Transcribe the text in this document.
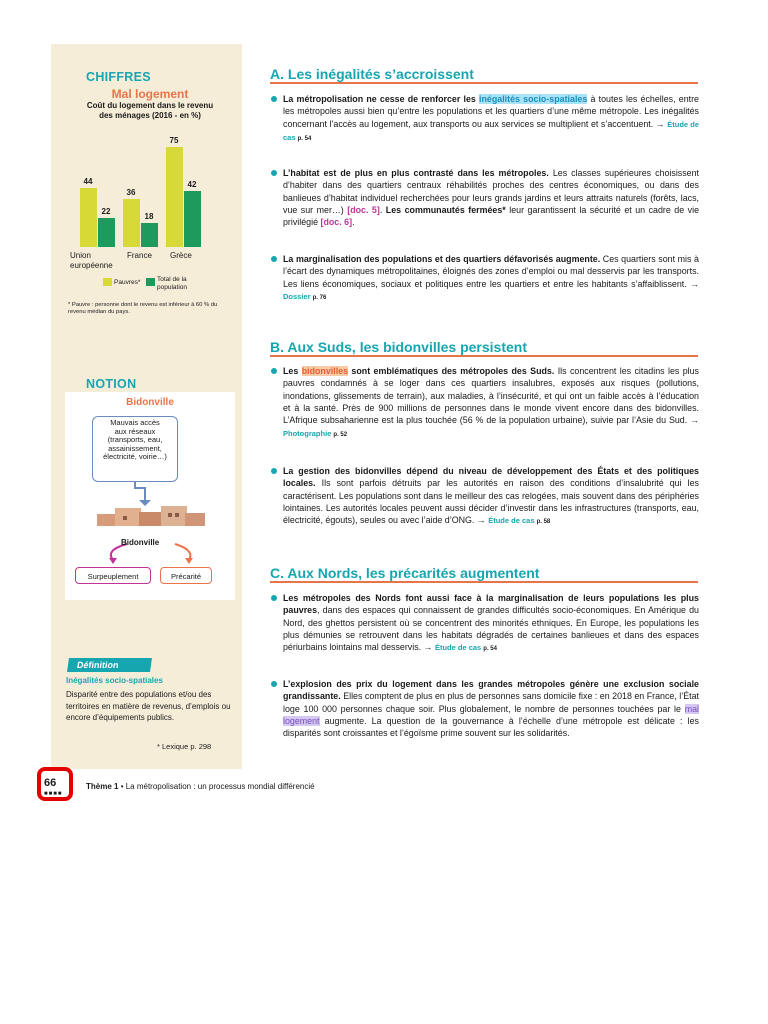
CHIFFRES
Mal logement
Coût du logement dans le revenu
des ménages (2016 - en %)
44
22
Union
européenne
36
18
France
75
42
Grèce
Pauvres*	Total de la
population
* Pauvre : personne dont le revenu est inférieur à 60 % du revenu médian du pays.
NOTION
Bidonville
Mauvais accès
aux réseaux
(transports, eau,
assainissement,
électricité, voirie…)
Bidonville
Surpeuplement	Précarité
Définition
Inégalités socio-spatiales
Disparité entre des populations et/ou des territoires en matière de revenus, d’emplois ou encore d’équipements publics.
* Lexique p. 298
A. Les inégalités s’accroissent
La métropolisation ne cesse de renforcer les inégalités socio-spatiales à toutes les échelles, entre les métropoles aussi bien qu’entre les populations et les quartiers d’une même métropole. Les inégalités concernant l’accès au logement, aux transports ou aux services se multiplient et s’accentuent. → Étude de cas p. 54
L’habitat est de plus en plus contrasté dans les métropoles. Les classes supérieures choisissent d’habiter dans des quartiers centraux réhabilités proches des centres économiques, ou dans des banlieues d’habitat individuel recherchées pour leurs grands jardins et leurs attraits naturels (forêts, lacs, vue sur mer…) [doc. 5]. Les communautés fermées* leur garantissent la sécurité et un cadre de vie privilégié [doc. 6].
La marginalisation des populations et des quartiers défavorisés augmente. Ces quartiers sont mis à l’écart des dynamiques métropolitaines, éloignés des zones d’emploi ou mal desservis par les transports. Les liens économiques, sociaux et politiques entre les quartiers et entre les habitants s’affaiblissent. → Dossier p. 76
B. Aux Suds, les bidonvilles persistent
Les bidonvilles sont emblématiques des métropoles des Suds. Ils concentrent les citadins les plus pauvres condamnés à se loger dans ces quartiers insalubres, exposés aux risques (pollutions, inondations, glissements de terrain), aux maladies, à l’insécurité, et qui ont un faible accès à l’éducation et à la santé. Près de 900 millions de personnes dans le monde vivent encore dans des bidonvilles. L’Afrique subsaharienne est la plus touchée (56 % de la population urbaine), suivie par l’Asie du Sud. → Photographie p. 52
La gestion des bidonvilles dépend du niveau de développement des États et des politiques locales. Ils sont parfois détruits par les autorités en raison des conditions d’insalubrité qui les caractérisent. Les populations sont dans le meilleur des cas relogées, mais souvent dans des périphéries lointaines. Les autorités locales peuvent aussi décider d’investir dans les infrastructures (transports, eau, électricité, égouts), seules ou avec l’aide d’ONG. → Étude de cas p. 58
C. Aux Nords, les précarités augmentent
Les métropoles des Nords font aussi face à la marginalisation de leurs populations les plus pauvres, dans des espaces qui connaissent de grandes difficultés socio-économiques. En Amérique du Nord, des ghettos persistent où se concentrent des minorités ethniques. En Europe, les populations les plus démunies se retrouvent dans les habitats dégradés de certaines banlieues et dans des espaces périurbains lointains mal desservis. → Étude de cas p. 54
L’explosion des prix du logement dans les grandes métropoles génère une exclusion sociale grandissante. Elles comptent de plus en plus de personnes sans domicile fixe : en 2018 en France, l’État loge 100 000 personnes chaque soir. Plus globalement, le nombre de personnes touchées par le mal logement augmente. La question de la gouvernance à l’échelle d’une métropole est délicate : les disparités sont croissantes et l’égoïsme prime souvent sur les solidarités.
66
■■■■
Thème 1 • La métropolisation : un processus mondial différencié
